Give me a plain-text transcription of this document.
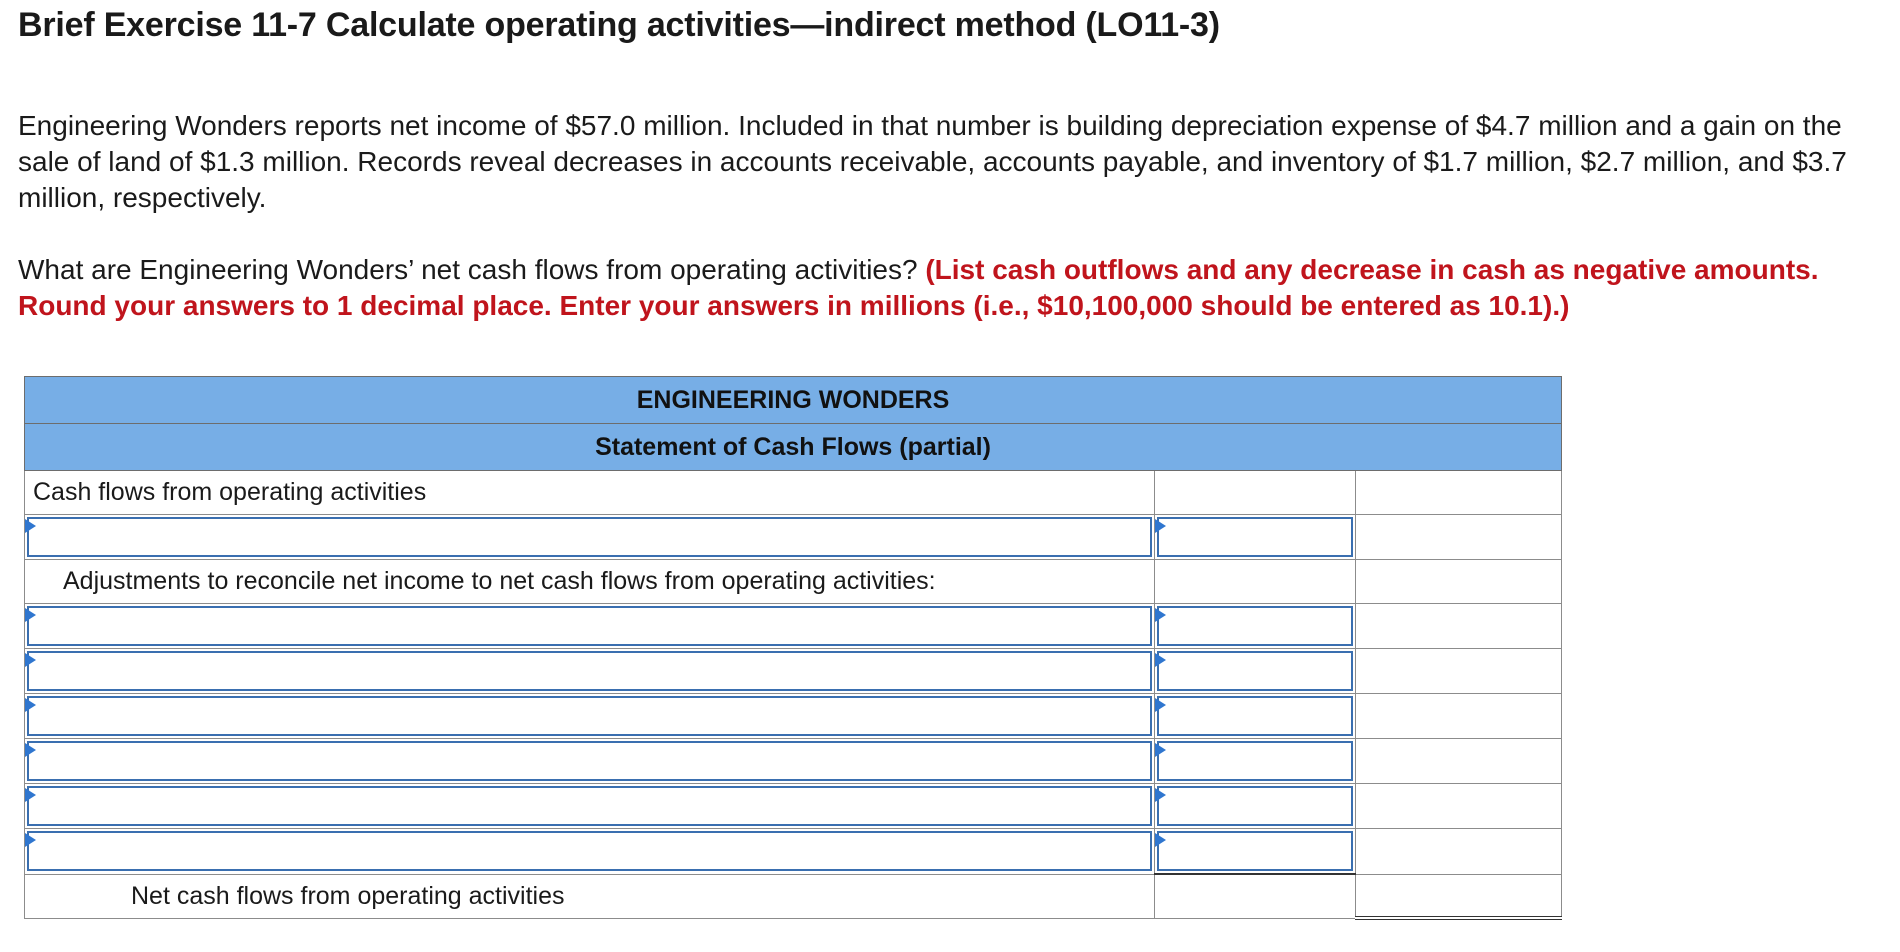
Brief Exercise 11-7 Calculate operating activities—indirect method (LO11-3)
Engineering Wonders reports net income of $57.0 million. Included in that number is building depreciation expense of $4.7 million and a gain on the sale of land of $1.3 million. Records reveal decreases in accounts receivable, accounts payable, and inventory of $1.7 million, $2.7 million, and $3.7 million, respectively.
What are Engineering Wonders’ net cash flows from operating activities? (List cash outflows and any decrease in cash as negative amounts. Round your answers to 1 decimal place. Enter your answers in millions (i.e., $10,100,000 should be entered as 10.1).)
ENGINEERING WONDERS		
Statement of Cash Flows (partial)		
Cash flows from operating activities		

Adjustments to reconcile net income to net cash flows from operating activities:		

Net cash flows from operating activities		
